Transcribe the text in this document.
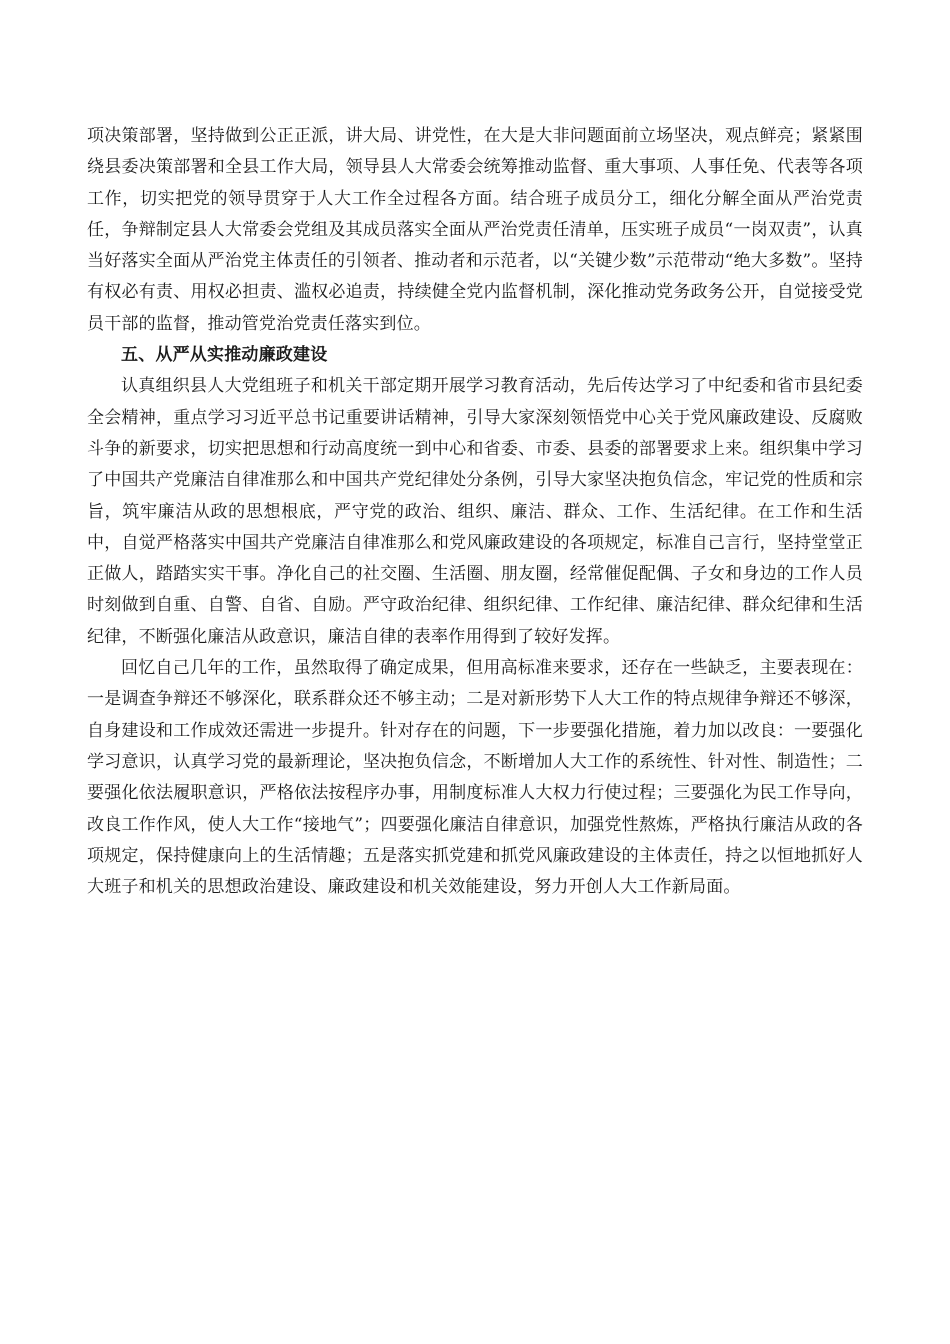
项决策部署，坚持做到公正正派，讲大局、讲党性，在大是大非问题面前立场坚决，观点鲜亮；紧紧围绕县委决策部署和全县工作大局，领导县人大常委会统筹推动监督、重大事项、人事任免、代表等各项工作，切实把党的领导贯穿于人大工作全过程各方面。结合班子成员分工，细化分解全面从严治党责任，争辩制定县人大常委会党组及其成员落实全面从严治党责任清单，压实班子成员“一岗双责”，认真当好落实全面从严治党主体责任的引领者、推动者和示范者，以“关键少数”示范带动“绝大多数”。坚持有权必有责、用权必担责、滥权必追责，持续健全党内监督机制，深化推动党务政务公开，自觉接受党员干部的监督，推动管党治党责任落实到位。

五、从严从实推动廉政建设

认真组织县人大党组班子和机关干部定期开展学习教育活动，先后传达学习了中纪委和省市县纪委全会精神，重点学习习近平总书记重要讲话精神，引导大家深刻领悟党中心关于党风廉政建设、反腐败斗争的新要求，切实把思想和行动高度统一到中心和省委、市委、县委的部署要求上来。组织集中学习了中国共产党廉洁自律准那么和中国共产党纪律处分条例，引导大家坚决抱负信念，牢记党的性质和宗旨，筑牢廉洁从政的思想根底，严守党的政治、组织、廉洁、群众、工作、生活纪律。在工作和生活中，自觉严格落实中国共产党廉洁自律准那么和党风廉政建设的各项规定，标准自己言行，坚持堂堂正正做人，踏踏实实干事。净化自己的社交圈、生活圈、朋友圈，经常催促配偶、子女和身边的工作人员时刻做到自重、自警、自省、自励。严守政治纪律、组织纪律、工作纪律、廉洁纪律、群众纪律和生活纪律，不断强化廉洁从政意识，廉洁自律的表率作用得到了较好发挥。

回忆自己几年的工作，虽然取得了确定成果，但用高标准来要求，还存在一些缺乏，主要表现在：一是调查争辩还不够深化，联系群众还不够主动；二是对新形势下人大工作的特点规律争辩还不够深，自身建设和工作成效还需进一步提升。针对存在的问题，下一步要强化措施，着力加以改良：一要强化学习意识，认真学习党的最新理论，坚决抱负信念，不断增加人大工作的系统性、针对性、制造性；二要强化依法履职意识，严格依法按程序办事，用制度标准人大权力行使过程；三要强化为民工作导向，改良工作作风，使人大工作“接地气”；四要强化廉洁自律意识，加强党性熬炼，严格执行廉洁从政的各项规定，保持健康向上的生活情趣；五是落实抓党建和抓党风廉政建设的主体责任，持之以恒地抓好人大班子和机关的思想政治建设、廉政建设和机关效能建设，努力开创人大工作新局面。
